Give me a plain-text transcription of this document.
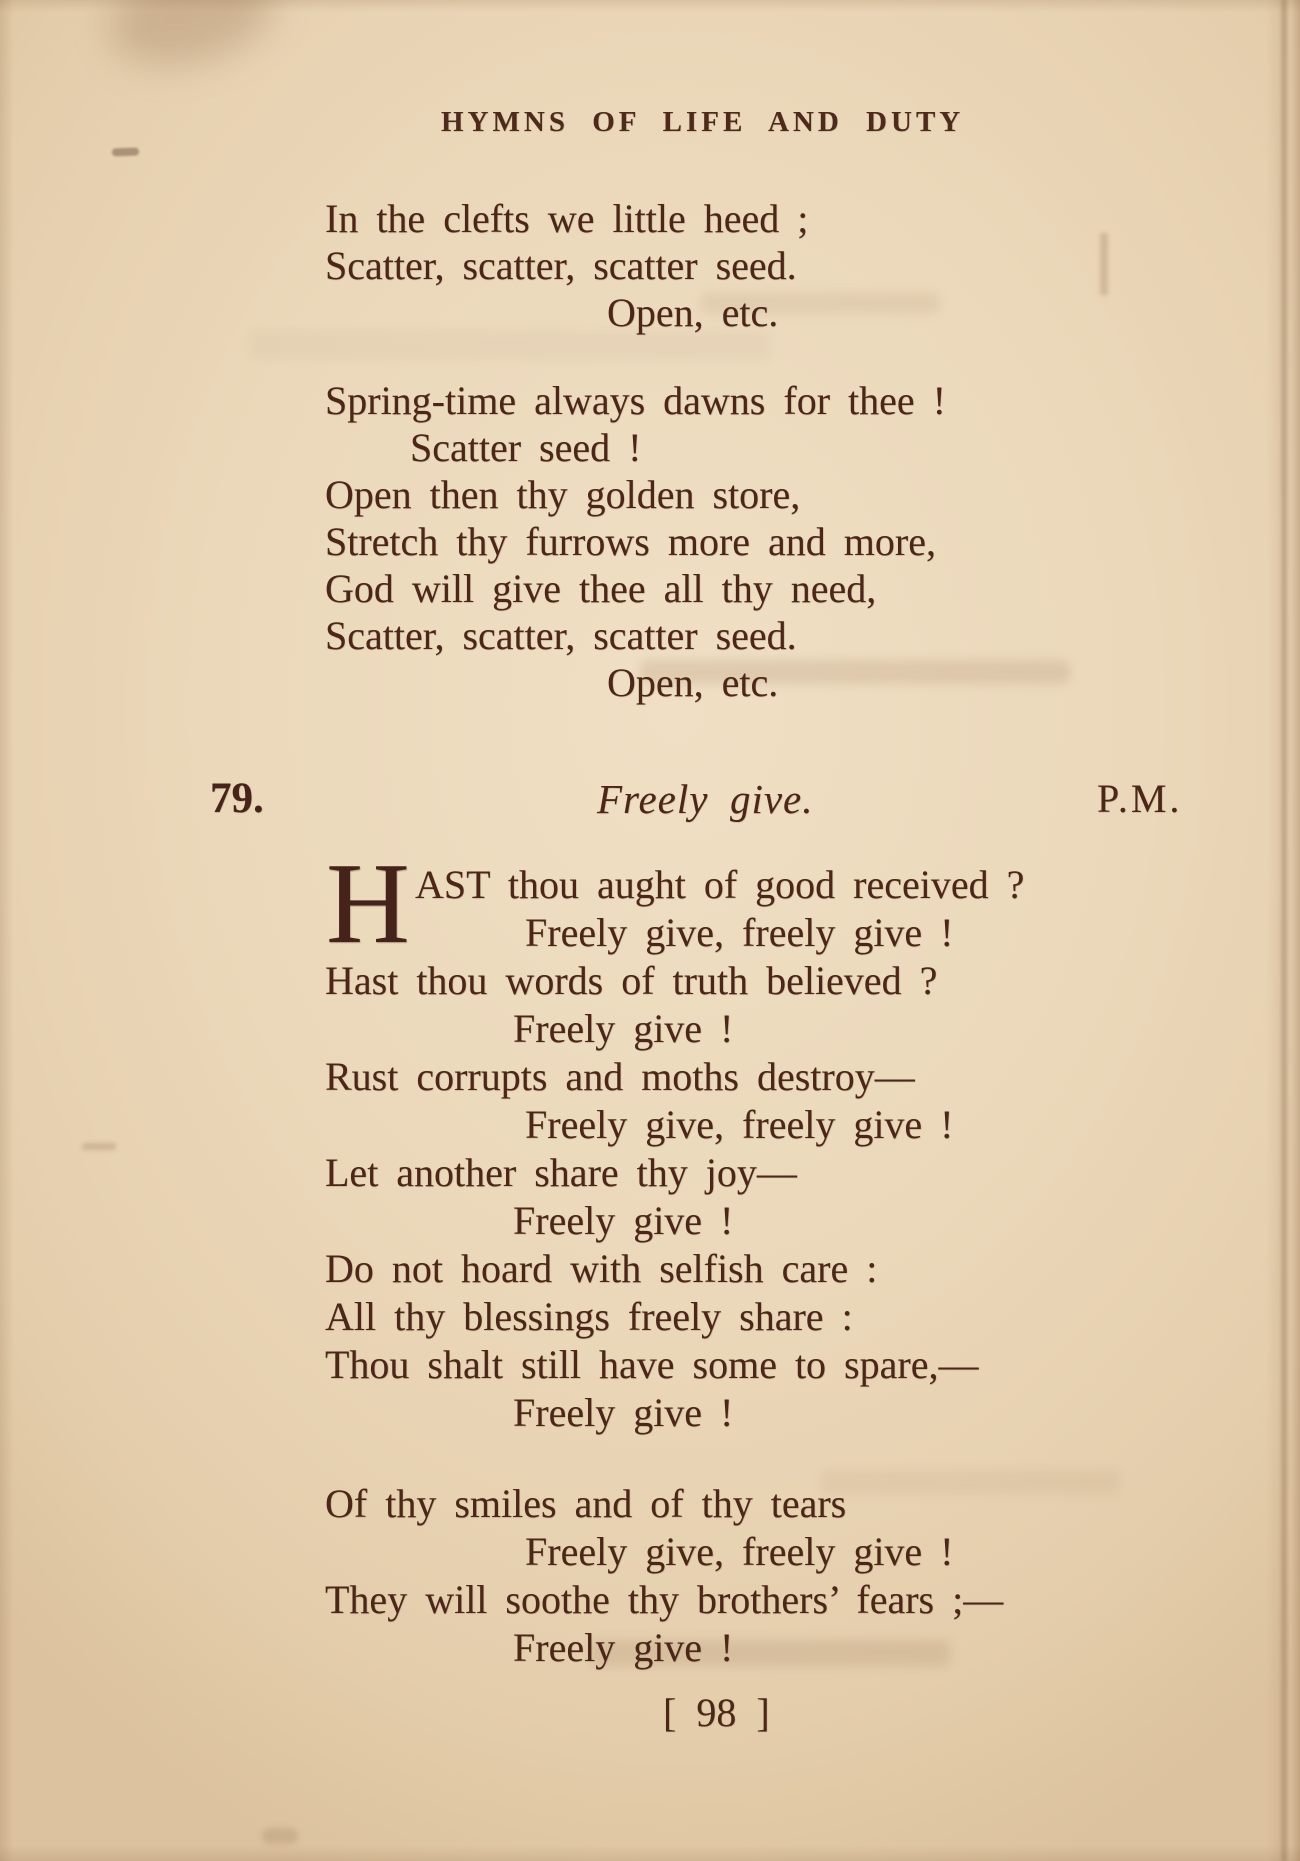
HYMNS OF LIFE AND DUTY
In the clefts we little heed ;
Scatter, scatter, scatter seed.
Open, etc.
Spring-time always dawns for thee !
Scatter seed !
Open then thy golden store,
Stretch thy furrows more and more,
God will give thee all thy need,
Scatter, scatter, scatter seed.
Open, etc.
79.	Freely give.	P.M.
H AST thou aught of good received ?
Freely give, freely give !
Hast thou words of truth believed ?
Freely give !
Rust corrupts and moths destroy—
Freely give, freely give !
Let another share thy joy—
Freely give !
Do not hoard with selfish care :
All thy blessings freely share :
Thou shalt still have some to spare,—
Freely give !
Of thy smiles and of thy tears
Freely give, freely give !
They will soothe thy brothers’ fears ;—
Freely give !
[ 98 ]
